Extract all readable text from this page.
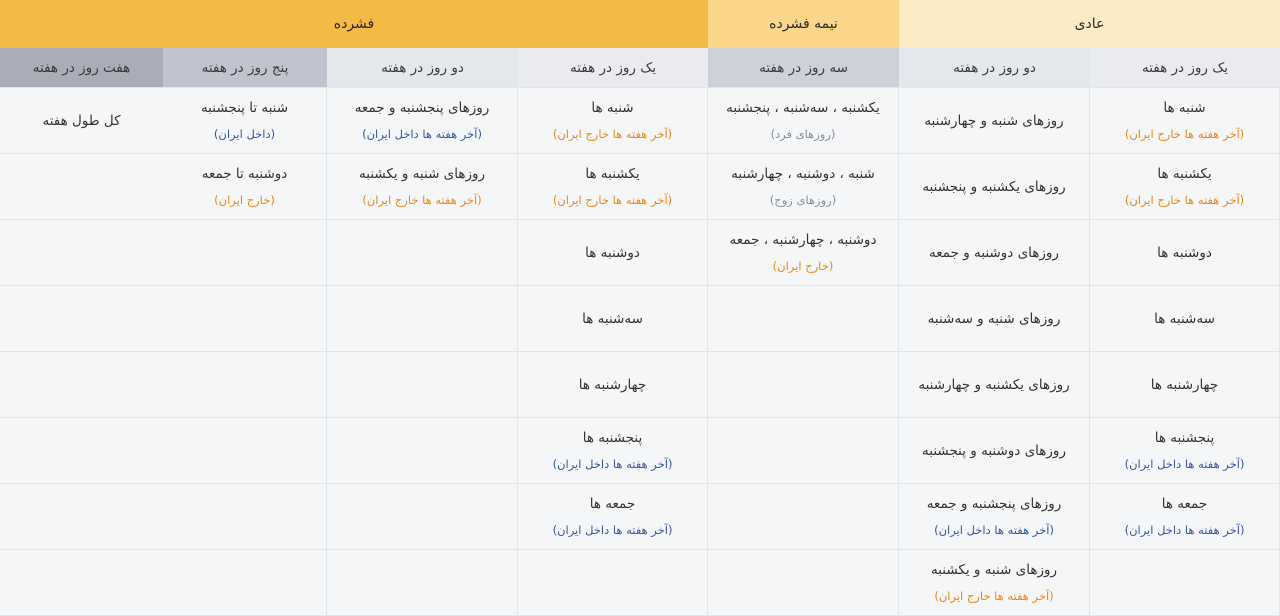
عادی
نیمه فشرده
فشرده
یک روز در هفته
دو روز در هفته
سه روز در هفته
یک روز در هفته
دو روز در هفته
پنج روز در هفته
هفت روز در هفته
شنبه ها
(آخر هفته ها خارج ایران)
روزهای شنبه و چهارشنبه
یکشنبه ، سه‌شنبه ، پنجشنبه
(روزهای فرد)
شنبه ها
(آخر هفته ها خارج ایران)
روزهای پنجشنبه و جمعه
(آخر هفته ها داخل ایران)
شنبه تا پنجشنبه
(داخل ایران)
کل طول هفته
یکشنبه ها
(آخر هفته ها خارج ایران)
روزهای یکشنبه و پنجشنبه
شنبه ، دوشنبه ، چهارشنبه
(روزهای زوج)
یکشنبه ها
(آخر هفته ها خارج ایران)
روزهای شنبه و یکشنبه
(آخر هفته ها خارج ایران)
دوشنبه تا جمعه
(خارج ایران)
دوشنبه ها
روزهای دوشنبه و جمعه
دوشنبه ، چهارشنبه ، جمعه
(خارج ایران)
دوشنبه ها
سه‌شنبه ها
روزهای شنبه و سه‌شنبه
سه‌شنبه ها
چهارشنبه ها
روزهای یکشنبه و چهارشنبه
چهارشنبه ها
پنجشنبه ها
(آخر هفته ها داخل ایران)
روزهای دوشنبه و پنجشنبه
پنجشنبه ها
(آخر هفته ها داخل ایران)
جمعه ها
(آخر هفته ها داخل ایران)
روزهای پنجشنبه و جمعه
(آخر هفته ها داخل ایران)
جمعه ها
(آخر هفته ها داخل ایران)
روزهای شنبه و یکشنبه
(آخر هفته ها خارج ایران)
